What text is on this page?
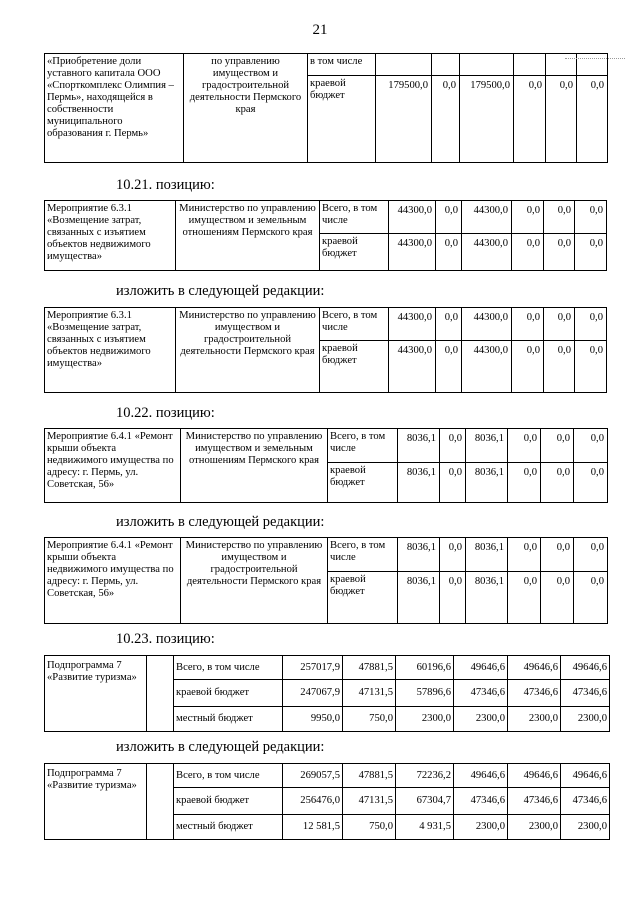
21
«Приобретение доли уставного капитала ООО «Спорткомплекс Олимпия – Пермь», находящейся в собственности муниципального образования г. Пермь»	по управлению имуществом и градостроительной деятельности Пермского края	в том числе						
		краевой бюджет	179500,0	0,0	179500,0	0,0	0,0	0,0
10.21. позицию:
Мероприятие 6.3.1 «Возмещение затрат, связанных с изъятием объектов недвижимого имущества»	Министерство по управлению имуществом и земельным отношениям Пермского края	Всего, в том числе	44300,0	0,0	44300,0	0,0	0,0	0,0
		краевой бюджет	44300,0	0,0	44300,0	0,0	0,0	0,0
изложить в следующей редакции:
Мероприятие 6.3.1 «Возмещение затрат, связанных с изъятием объектов недвижимого имущества»	Министерство по управлению имуществом и градостроительной деятельности Пермского края	Всего, в том числе	44300,0	0,0	44300,0	0,0	0,0	0,0
		краевой бюджет	44300,0	0,0	44300,0	0,0	0,0	0,0
10.22. позицию:
Мероприятие 6.4.1 «Ремонт крыши объекта недвижимого имущества по адресу: г. Пермь, ул. Советская, 56»	Министерство по управлению имуществом и земельным отношениям Пермского края	Всего, в том числе	8036,1	0,0	8036,1	0,0	0,0	0,0
		краевой бюджет	8036,1	0,0	8036,1	0,0	0,0	0,0
изложить в следующей редакции:
Мероприятие 6.4.1 «Ремонт крыши объекта недвижимого имущества по адресу: г. Пермь, ул. Советская, 56»	Министерство по управлению имуществом и градостроительной деятельности Пермского края	Всего, в том числе	8036,1	0,0	8036,1	0,0	0,0	0,0
		краевой бюджет	8036,1	0,0	8036,1	0,0	0,0	0,0
10.23. позицию:
Подпрограмма 7 «Развитие туризма»		Всего, в том числе	257017,9	47881,5	60196,6	49646,6	49646,6	49646,6
		краевой бюджет	247067,9	47131,5	57896,6	47346,6	47346,6	47346,6
		местный бюджет	9950,0	750,0	2300,0	2300,0	2300,0	2300,0
изложить в следующей редакции:
Подпрограмма 7 «Развитие туризма»		Всего, в том числе	269057,5	47881,5	72236,2	49646,6	49646,6	49646,6
		краевой бюджет	256476,0	47131,5	67304,7	47346,6	47346,6	47346,6
		местный бюджет	12 581,5	750,0	4 931,5	2300,0	2300,0	2300,0
